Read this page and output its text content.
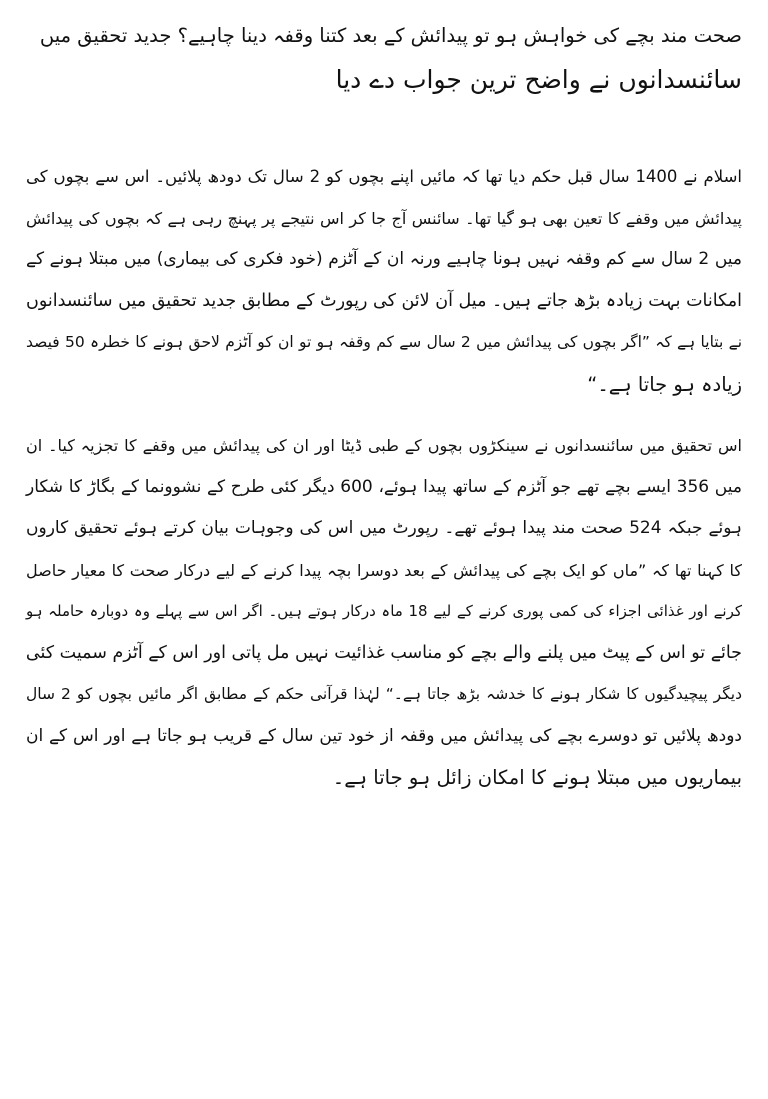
صحت مند بچے کی خواہش ہو تو پیدائش کے بعد کتنا وقفہ دینا چاہیے؟ جدید تحقیق میں
سائنسدانوں نے واضح ترین جواب دے دیا

اسلام نے 1400 سال قبل حکم دیا تھا کہ مائیں اپنے بچوں کو 2 سال تک دودھ پلائیں۔ اس سے بچوں کی
پیدائش میں وقفے کا تعین بھی ہو گیا تھا۔ سائنس آج جا کر اس نتیجے پر پہنچ رہی ہے کہ بچوں کی پیدائش
میں 2 سال سے کم وقفہ نہیں ہونا چاہیے ورنہ ان کے آٹزم (خود فکری کی بیماری) میں مبتلا ہونے کے
امکانات بہت زیادہ بڑھ جاتے ہیں۔ میل آن لائن کی رپورٹ کے مطابق جدید تحقیق میں سائنسدانوں
نے بتایا ہے کہ ”اگر بچوں کی پیدائش میں 2 سال سے کم وقفہ ہو تو ان کو آٹزم لاحق ہونے کا خطرہ 50 فیصد
زیادہ ہو جاتا ہے۔“

اس تحقیق میں سائنسدانوں نے سینکڑوں بچوں کے طبی ڈیٹا اور ان کی پیدائش میں وقفے کا تجزیہ کیا۔ ان
میں 356 ایسے بچے تھے جو آٹزم کے ساتھ پیدا ہوئے، 600 دیگر کئی طرح کے نشوونما کے بگاڑ کا شکار
ہوئے جبکہ 524 صحت مند پیدا ہوئے تھے۔ رپورٹ میں اس کی وجوہات بیان کرتے ہوئے تحقیق کاروں
کا کہنا تھا کہ ”ماں کو ایک بچے کی پیدائش کے بعد دوسرا بچہ پیدا کرنے کے لیے درکار صحت کا معیار حاصل
کرنے اور غذائی اجزاء کی کمی پوری کرنے کے لیے 18 ماہ درکار ہوتے ہیں۔ اگر اس سے پہلے وہ دوبارہ حاملہ ہو
جائے تو اس کے پیٹ میں پلنے والے بچے کو مناسب غذائیت نہیں مل پاتی اور اس کے آٹزم سمیت کئی
دیگر پیچیدگیوں کا شکار ہونے کا خدشہ بڑھ جاتا ہے۔“ لہٰذا قرآنی حکم کے مطابق اگر مائیں بچوں کو 2 سال
دودھ پلائیں تو دوسرے بچے کی پیدائش میں وقفہ از خود تین سال کے قریب ہو جاتا ہے اور اس کے ان
بیماریوں میں مبتلا ہونے کا امکان زائل ہو جاتا ہے۔
